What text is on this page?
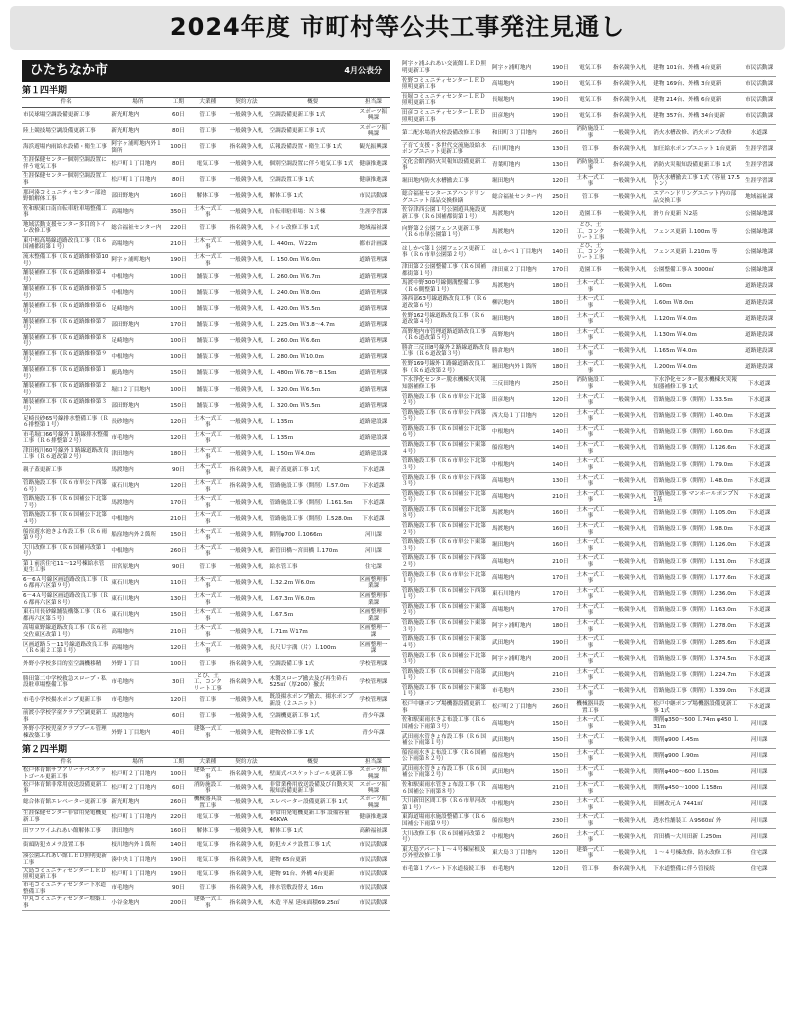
2024年度 市町村等公共工事発注見通し
ひたちなか市	4月公表分
第１四半期
件名	場所	工期	大業種	契約方法	概要	担当課
市民球場空調設備更新工事	新光町地内	60日	管工事	一般競争入札	空調設備更新工事 1式	スポーツ振興課
陸上競技場空調設備更新工事	新光町地内	80日	管工事	一般競争入札	空調設備更新工事 1式	スポーツ振興課
海浜遊場内雨給水設備・衛生工事	阿字ヶ浦町地内外１箇所	100日	管工事	指名競争入札	広報設備設置・衛生工事 1式	観光振興課
生涯保健センター個別空調設置に伴う電気工事	松戸町１丁目地内	80日	電気工事	一般競争入札	個別空調設置に伴う電気工事 1式	健康推進課
生涯保健センター個別空調設置工事	松戸町１丁目地内	80日	管工事	一般競争入札	空調設置工事 1式	健康推進課
那珂湊コミュニティセンター部池野館解体工事	部田野地内	160日	解体工事	一般競争入札	解体工事 1式	市民活動課
佐和駅東口南自転車駐車場整備工事	高場地内	350日	土木一式工事	一般競争入札	自転車駐車場：Ｎ３棟	生涯学習課
地域活動支援センター多目的トイレ改修工事	総合福祉センター内	220日	管工事	指名競争入札	トイレ改修工事 1式	地域福祉課
東中根高場線道路改良工事（Ｒ６国補都街第１号）	高場地内	210日	土木一式工事	一般競争入札	Ｌ 440ｍ、Ｗ22ｍ	都市計画課
流末整備工事（Ｒ６道路維修第10号）	阿字ヶ浦町地内	190日	土木一式工事	一般競争入札	Ｌ 150.0ｍ Ｗ6.0ｍ	道路管理課
舗装補修工事（Ｒ６道路維修第４号）	中根地内	100日	舗装工事	一般競争入札	Ｌ 260.0ｍ Ｗ6.7ｍ	道路管理課
舗装補修工事（Ｒ６道路維修第５号）	中根地内	100日	舗装工事	一般競争入札	Ｌ 240.0ｍ Ｗ8.0ｍ	道路管理課
舗装補修工事（Ｒ６道路維修第６号）	足崎地内	100日	舗装工事	一般競争入札	Ｌ 420.0ｍ Ｗ5.5ｍ	道路管理課
舗装補修工事（Ｒ６道路維修第７号）	部田野地内	170日	舗装工事	一般競争入札	Ｌ 225.0ｍ Ｗ3.8～4.7ｍ	道路管理課
舗装補修工事（Ｒ６道路維修第８号）	足崎地内	100日	舗装工事	一般競争入札	Ｌ 260.0ｍ Ｗ6.6ｍ	道路管理課
舗装補修工事（Ｒ６道路維修第９号）	中根地内	100日	舗装工事	一般競争入札	Ｌ 280.0ｍ Ｗ10.0ｍ	道路管理課
舗装補修工事（Ｒ６道路維修第１号）	鹿島地内	150日	舗装工事	一般競争入札	Ｌ 480ｍ Ｗ6.78～8.15ｍ	道路管理課
舗装補修工事（Ｒ６道路維修第２号）	堀口２丁目地内	100日	舗装工事	一般競争入札	Ｌ 320.0ｍ Ｗ6.5ｍ	道路管理課
舗装補修工事（Ｒ６道路維修第３号）	部田野地内	150日	舗装工事	一般競争入札	Ｌ 320.0ｍ Ｗ5.5ｍ	道路管理課
足崎長砂65号線排水整備工事（Ｒ６排整第１号）	長砂地内	120日	土木一式工事	一般競争入札	Ｌ 135ｍ	道路建設課
市毛堀口66号線外１路線排水整備工事（Ｒ６排整第２号）	市毛地内	120日	土木一式工事	一般競争入札	Ｌ 135ｍ	道路建設課
津田枝川60号線外１路線道路改良工事（Ｒ６道改第２号）	津田地内	180日	土木一式工事	一般競争入札	Ｌ 150ｍ Ｗ4.0ｍ	道路建設課
親子蓋更新工事	馬渡地内	90日	土木一式工事	指名競争入札	親子蓋更新工事 1式	下水道課
管路施設工事（Ｒ６市単公下西第６号）	東石川地内	120日	土木一式工事	指名競争入札	管路施設工事（開削）Ｌ57.0ｍ	下水道課
管路施設工事（Ｒ６国補公下北第７号）	馬渡地内	170日	土木一式工事	一般競争入札	管路施設工事（開削）Ｌ161.5ｍ	下水道課
管路施設工事（Ｒ６国補公下北第４号）	中根地内	210日	土木一式工事	一般競争入札	管路施設工事（開削）Ｌ528.0ｍ	下水道課
船窪遊水池きよ布設工事（Ｒ６雨第９号）	船窪地内外２箇所	150日	土木一式工事	一般競争入札	開削φ700 Ｌ1066ｍ	河川課
大川改修工事（Ｒ６国補河改第１号）	中根地内	260日	土木一式工事	一般競争入札	新管田橋～宮田橋 Ｌ170ｍ	河川課
第１前浜住宅11～12号棟給水管更生工事	田宮原地内	90日	管工事	一般競争入札	給水管工事	住宅課
6－6Ａ号線区画道路改良工事（Ｒ６都再六区第９号）	東石川地内	110日	土木一式工事	一般競争入札	Ｌ32.2ｍ Ｗ6.0ｍ	区画整理事業課
6－4Ａ号線区画道路改良工事（Ｒ６都再六区第８号）	東石川地内	130日	土木一式工事	一般競争入札	Ｌ67.3ｍ Ｗ6.0ｍ	区画整理事業課
東石川長砂線舗装構築工事（Ｒ６都再六区第５号）	東石川地内	150日	土木一式工事	一般競争入札	Ｌ67.5ｍ	区画整理事業課
高場東野線道路改良工事（Ｒ６社交佐東区改第１号）	高場地内	210日	土木一式工事	一般競争入札	Ｌ71ｍ Ｗ17ｍ	区画整理一課
区画道路５－11号線道路改良工事（Ｒ６東２工第１号）	高場地内	120日	土木一式工事	一般競争入札	長尺Ｕ字溝（片）Ｌ100ｍ	区画整理一課
外野小学校多目的室空調機移精	外野１丁目	100日	管工事	指名競争入札	空調設備工事 1式	学校管理課
勝田第二中学校救急スロープ・私設駐車場整備工事	市毛地内	30日	とび、土工、コンクリート工事	指名競争入札	木製スロープ撤去及び再生砕石525㎡（厚200）撤去	学校管理課
市毛小学校揚水ポンプ更新工事	市毛地内	120日	管工事	一般競争入札	既設揚水ポンプ撤去、揚水ポンプ新設（２ユニット）	学校管理課
前渡小学校学童クラブ空調更新工事	馬渡地内	60日	管工事	一般競争入札	空調機更新工事 1式	青少年課
外野小学校児童クラブプール管理棟改築工事	外野１丁目地内	40日	建築一式工事	一般競争入札	建物改修工事 1式	青少年課
第２四半期
件名	場所	工期	大業種	契約方法	概要	担当課
松戸体育館サブアリーナバスケットゴール更新工事	松戸町２丁目地内	100日	建築一式工事	指名競争入札	壁面式バスケットゴール更新工事	スポーツ振興課
松戸体育館非常用放送設備更新工事	松戸町２丁目地内	60日	消防施設工事	一般競争入札	非常業務用放送設備及び自動火災報知設備更新工事	スポーツ振興課
総合体育館エレベーター更新工事	新光町地内	260日	機械器具設置工事	一般競争入札	エレベーター設備更新工事 1式	スポーツ振興課
生涯保健センター非常用発電機更新工事	松戸町１丁目地内	220日	電気工事	一般競争入札	非常用発電機更新工事 設備容量 46KVA	健康推進課
田ワフワイふれあい館解体工事	津田地内	160日	解体工事	一般競争入札	解体工事 1式	高齢福祉課
街頭防犯カメラ設置工事	枝川地内外１箇所	140日	電気工事	指名競争入札	防犯カメラ設置工事 1式	市民活動課
湊公園ふれあい館ＬＥＤ照明更新工事	湊中央１丁目地内	190日	電気工事	指名競争入札	建物 65台更新	市民活動課
大島コミュニティセンターＬＥＤ照明更新工事	松戸町１丁目地内	190日	電気工事	指名競争入札	建物 91台、外構 4台更新	市民活動課
市毛コミュニティセンター下水道整備工事	市毛地内	90日	管工事	指名競争入札	排水管敷設替え 16ｍ	市民活動課
中丸コミュニティセンター増築工事	小谷金地内	200日	建築一式工事	指名競争入札	木造 平屋 延床面積69.25㎡	市民活動課
阿字ヶ浦ふれあい交流館ＬＥＤ照明更新工事	阿字ヶ浦町地内	190日	電気工事	指名競争入札	建物 101台、外構 4台更新	市民活動課
佐野コミュニティセンターＬＥＤ照明更新工事	高場地内	190日	電気工事	指名競争入札	建物 169台、外構 3台更新	市民活動課
長堀コミュニティセンターＬＥＤ照明更新工事	長堀地内	190日	電気工事	指名競争入札	建物 214台、外構 6台更新	市民活動課
田彦コミュニティセンターＬＥＤ照明更新工事	田彦地内	190日	電気工事	指名競争入札	建物 357台、外構 34台更新	市民活動課
第二配水場消火栓設備改修工事	和田町３丁目地内	260日	消防施設工事	一般競争入札	消火水槽改修、消火ポンプ改修	水道課
子育て支援・多世代交流施設給水ポンプユニット更新工事	石川町地内	130日	管工事	指名競争入札	加圧給水ポンプユニット 1台更新	生涯学習課
文化会館消防火災報知設備更新工事	青葉町地内	130日	消防施設工事	指名競争入札	消防火災報知設備更新工事 1式	生涯学習課
堀田地内防火水槽撤去工事	堀田地内	120日	土木一式工事	一般競争入札	防火水槽撤去工事 1式（容量 17.5トン）	生涯学習課
総合福祉センターエアハンドリングユニット部品交換修繕	総合福祉センター内	250日	管工事	一般競争入札	エアハンドリングユニット内の部品交換工事	地域福祉課
佐谷津西公園１号公園遊具施設更新工事（Ｒ６国補都街第１号）	馬渡地内	120日	造園工事	一般競争入札	滑り台更新 Ｎ2基	公園緑地課
向野第２公園フェンス更新工事（Ｒ６市単公園第１号）	馬渡地内	120日	とび、土工、コンクリート工事	一般競争入札	フェンス更新 Ｌ100ｍ 等	公園緑地課
はしかべ第１公園フェンス更新工事（Ｒ６市単公園第２号）	はしかべ１丁目地内	140日	とび、土工、コンクリート工事	一般競争入札	フェンス更新 Ｌ210ｍ 等	公園緑地課
津田第２公園整備工事（Ｒ６国補都街第１号）	津田東２丁目地内	170日	造園工事	一般競争入札	公園整備工事Ａ 3000㎡	公園緑地課
馬渡中野300号線側溝整備工事（Ｒ６側整第１号）	馬渡地内	180日	土木一式工事	一般競争入札	Ｌ60ｍ	道路建設課
湊西部63号線道路改良工事（Ｒ６道改第６号）	柳沢地内	180日	土木一式工事	一般競争入札	Ｌ60ｍ Ｗ8.0ｍ	道路建設課
佐野162号線道路改良工事（Ｒ６道改第４号）	堀田地内	180日	土木一式工事	一般競争入札	Ｌ120ｍ Ｗ4.0ｍ	道路建設課
高野地内市管理道路道路改良工事（Ｒ６道改第５号）	高野地内	180日	土木一式工事	一般競争入札	Ｌ130ｍ Ｗ4.0ｍ	道路建設課
勝倉三反田8号線外２路線道路改良工事（Ｒ６道改第３号）	勝倉地内	180日	土木一式工事	一般競争入札	Ｌ165ｍ Ｗ4.0ｍ	道路建設課
佐野169号線外１路線道路改良工事（Ｒ６道改第２号）	堀田地内外１箇所	180日	土木一式工事	一般競争入札	Ｌ200ｍ Ｗ4.0ｍ	道路建設課
下水浄化センター脱水機棟火災報知器補修工事	三反田地内	250日	消防施設工事	一般競争入札	下水浄化センター脱水機棟火災報知器補修工事 1式	下水道課
管路施設工事（Ｒ６市単公下北第２号）	田彦地内	120日	土木一式工事	一般競争入札	管路施設工事（開削）Ｌ33.5ｍ	下水道課
管路施設工事（Ｒ６市単公下西第５号）	西大島１丁目地内	120日	土木一式工事	一般競争入札	管路施設工事（開削）Ｌ40.0ｍ	下水道課
管路施設工事（Ｒ６国補公下北第６号）	中根地内	140日	土木一式工事	一般競争入札	管路施設工事（開削）Ｌ60.0ｍ	下水道課
管路施設工事（Ｒ６国補公下東第４号）	船窪地内	140日	土木一式工事	一般競争入札	管路施設工事（開削）Ｌ126.6ｍ	下水道課
管路施設工事（Ｒ６市単公下北第３号）	中根地内	140日	土木一式工事	一般競争入札	管路施設工事（開削）Ｌ79.0ｍ	下水道課
管路施設工事（Ｒ６市単公下西第３号）	高場地内	130日	土木一式工事	一般競争入札	管路施設工事（開削）Ｌ48.0ｍ	下水道課
管路施設工事（Ｒ６国補公下北第５号）	高場地内	210日	土木一式工事	一般競争入札	管路施設工事 マンホールポンプＮ1基	下水道課
管路施設工事（Ｒ６国補公下北第８号）	馬渡地内	160日	土木一式工事	一般競争入札	管路施設工事（開削）Ｌ105.0ｍ	下水道課
管路施設工事（Ｒ６国補公下北第２号）	馬渡地内	160日	土木一式工事	一般競争入札	管路施設工事（開削）Ｌ98.0ｍ	下水道課
管路施設工事（Ｒ６市単公下東第３号）	堀田地内	160日	土木一式工事	一般競争入札	管路施設工事（開削）Ｌ126.0ｍ	下水道課
管路施設工事（Ｒ６国補公下西第２号）	高場地内	210日	土木一式工事	一般競争入札	管路施設工事（開削）Ｌ131.0ｍ	下水道課
管路施設工事（Ｒ６市単公下北第１号）	高場地内	170日	土木一式工事	一般競争入札	管路施設工事（開削）Ｌ177.6ｍ	下水道課
管路施設工事（Ｒ６国補公下西第１号）	東石川地内	170日	土木一式工事	一般競争入札	管路施設工事（開削）Ｌ236.0ｍ	下水道課
管路施設工事（Ｒ６国補公下東第２号）	高場地内	170日	土木一式工事	一般競争入札	管路施設工事（開削）Ｌ163.0ｍ	下水道課
管路施設工事（Ｒ６国補公下東第３号）	阿字ヶ浦町地内	180日	土木一式工事	一般競争入札	管路施設工事（開削）Ｌ278.0ｍ	下水道課
管路施設工事（Ｒ６国補公下東第４号）	武田地内	190日	土木一式工事	一般競争入札	管路施設工事（開削）Ｌ285.6ｍ	下水道課
管路施設工事（Ｒ６国補公下北第３号）	阿字ヶ浦町地内	200日	土木一式工事	一般競争入札	管路施設工事（開削）Ｌ374.5ｍ	下水道課
管路施設工事（Ｒ６国補公下南第１号）	武田地内	210日	土木一式工事	一般競争入札	管路施設工事（開削）Ｌ224.7ｍ	下水道課
管路施設工事（Ｒ６国補公下東第１号）	市毛地内	230日	土木一式工事	一般競争入札	管路施設工事（開削）Ｌ339.0ｍ	下水道課
松戸中継ポンプ場機器設備更新工事	松戸町２丁目地内	260日	機械器具設置工事	一般競争入札	松戸中継ポンプ場機器設備更新工事 1式	下水道課
佐和駅東雨水きよ布設工事（Ｒ６国補公下雨第３号）	高場地内	150日	土木一式工事	一般競争入札	開削φ350～500 Ｌ74ｍ φ450 Ｌ31ｍ	河川課
武田雨水管きょ布設工事（Ｒ６国補公下雨第１号）	武田地内	150日	土木一式工事	一般競争入札	開削φ900 Ｌ45ｍ	河川課
船窪雨水きよ布設工事（Ｒ６国補公下雨第８２号）	船窪地内	150日	土木一式工事	一般競争入札	開削φ900 Ｌ90ｍ	河川課
武田雨水管きょ布設工事（Ｒ６国補公下雨第２号）	武田地内	150日	土木一式工事	一般競争入札	開削φ400～600 Ｌ150ｍ	河川課
佐和駅東雨水管きょ布設工事（Ｒ６国補公下雨第８号）	高場地内	210日	土木一式工事	一般競争入札	開削φ450～1000 Ｌ158ｍ	河川課
大川新田区間工事（Ｒ６市単河改第１号）	中根地内	230日	土木一式工事	一般競争入札	田圃改元Ａ 7441㎡	河川課
東海道場雨水施設整備工事（Ｒ６国補公下雨第９号）	船窪地内	230日	土木一式工事	一般競争入札	透水性舗装工 Ａ9560㎡ 外	河川課
大川改修工事（Ｒ６国補河改第２号）	中根地内	260日	土木一式工事	一般競争入札	宮田橋～大川田新 Ｌ250ｍ	河川課
東大島アパート１～４号棟屋根及び外壁改修工事	東大島３丁目地内	120日	建築一式工事	一般競争入札	１～４号棟改修、防水改修工事	住宅課
市毛第１アパート下水道接続工事	市毛地内	120日	管工事	指名競争入札	下水道整備に伴う管接続	住宅課
